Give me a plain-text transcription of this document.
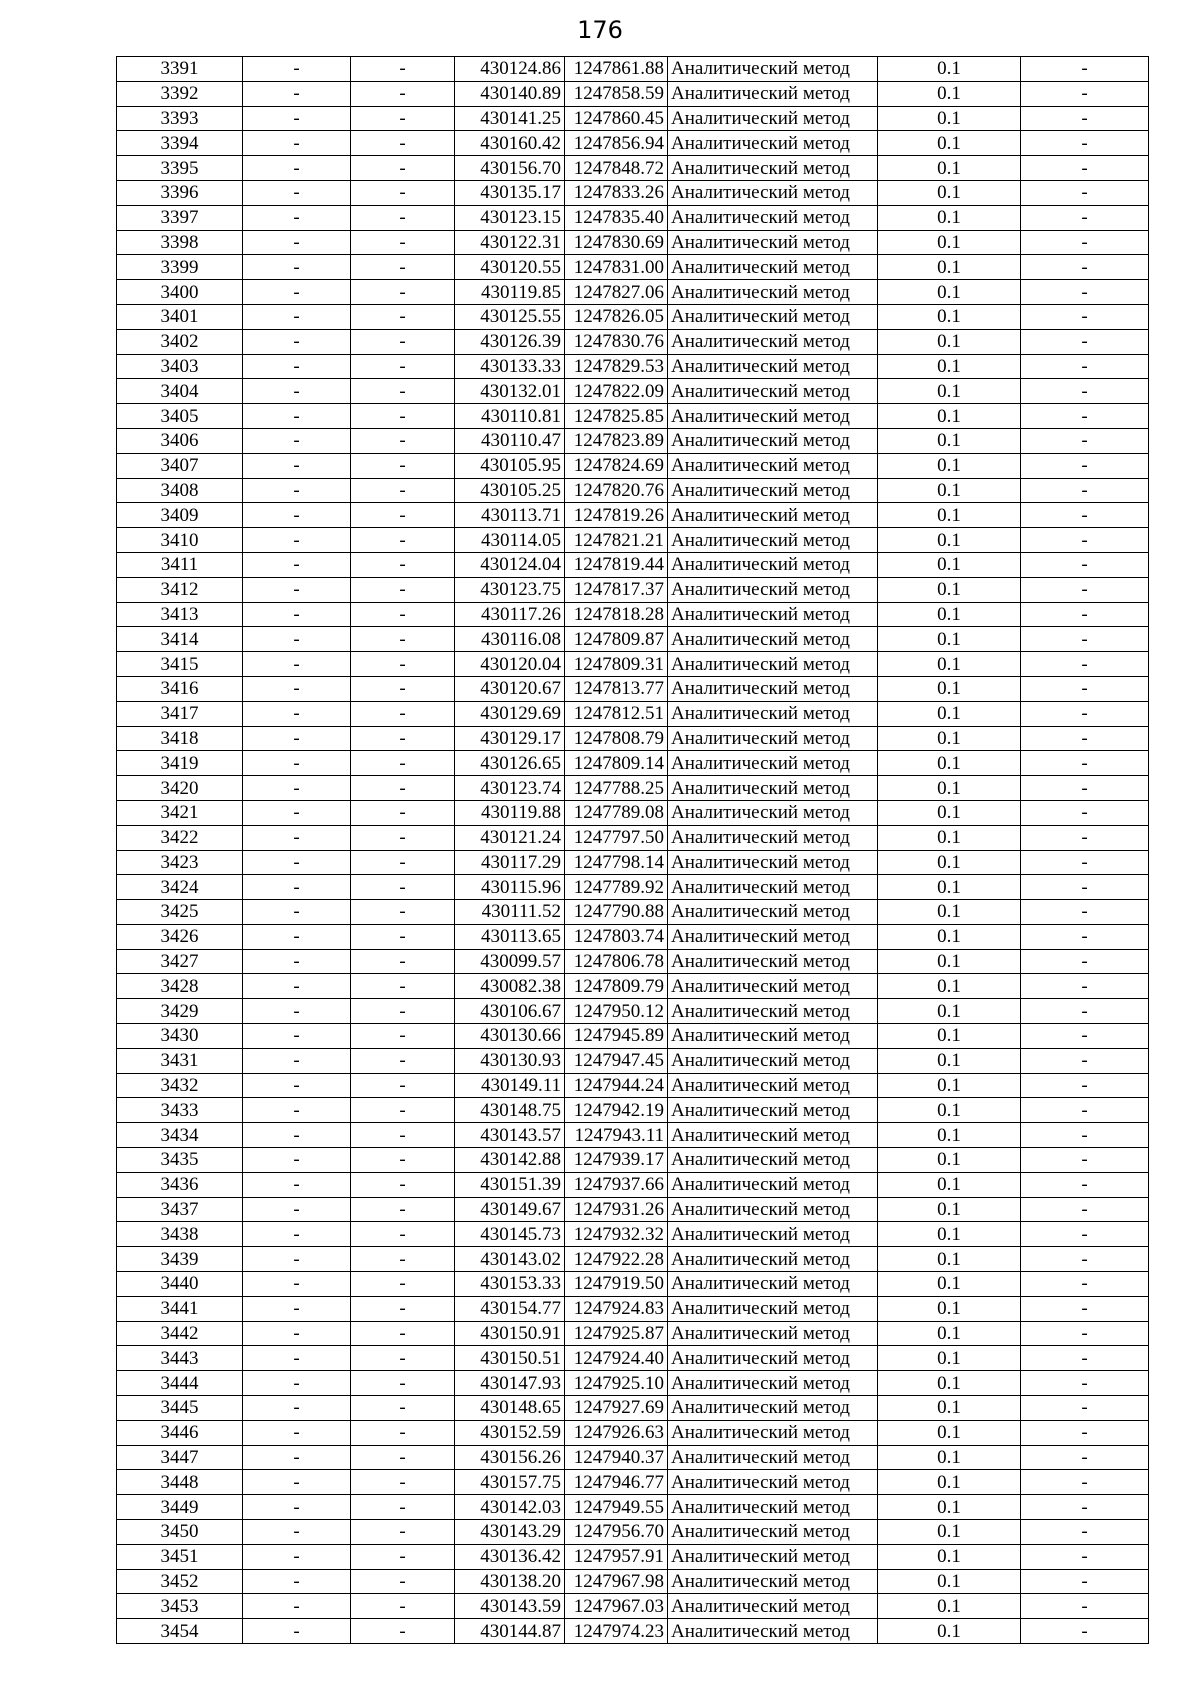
176
3391	-	-	430124.86	1247861.88	Аналитический метод	0.1	-
3392	-	-	430140.89	1247858.59	Аналитический метод	0.1	-
3393	-	-	430141.25	1247860.45	Аналитический метод	0.1	-
3394	-	-	430160.42	1247856.94	Аналитический метод	0.1	-
3395	-	-	430156.70	1247848.72	Аналитический метод	0.1	-
3396	-	-	430135.17	1247833.26	Аналитический метод	0.1	-
3397	-	-	430123.15	1247835.40	Аналитический метод	0.1	-
3398	-	-	430122.31	1247830.69	Аналитический метод	0.1	-
3399	-	-	430120.55	1247831.00	Аналитический метод	0.1	-
3400	-	-	430119.85	1247827.06	Аналитический метод	0.1	-
3401	-	-	430125.55	1247826.05	Аналитический метод	0.1	-
3402	-	-	430126.39	1247830.76	Аналитический метод	0.1	-
3403	-	-	430133.33	1247829.53	Аналитический метод	0.1	-
3404	-	-	430132.01	1247822.09	Аналитический метод	0.1	-
3405	-	-	430110.81	1247825.85	Аналитический метод	0.1	-
3406	-	-	430110.47	1247823.89	Аналитический метод	0.1	-
3407	-	-	430105.95	1247824.69	Аналитический метод	0.1	-
3408	-	-	430105.25	1247820.76	Аналитический метод	0.1	-
3409	-	-	430113.71	1247819.26	Аналитический метод	0.1	-
3410	-	-	430114.05	1247821.21	Аналитический метод	0.1	-
3411	-	-	430124.04	1247819.44	Аналитический метод	0.1	-
3412	-	-	430123.75	1247817.37	Аналитический метод	0.1	-
3413	-	-	430117.26	1247818.28	Аналитический метод	0.1	-
3414	-	-	430116.08	1247809.87	Аналитический метод	0.1	-
3415	-	-	430120.04	1247809.31	Аналитический метод	0.1	-
3416	-	-	430120.67	1247813.77	Аналитический метод	0.1	-
3417	-	-	430129.69	1247812.51	Аналитический метод	0.1	-
3418	-	-	430129.17	1247808.79	Аналитический метод	0.1	-
3419	-	-	430126.65	1247809.14	Аналитический метод	0.1	-
3420	-	-	430123.74	1247788.25	Аналитический метод	0.1	-
3421	-	-	430119.88	1247789.08	Аналитический метод	0.1	-
3422	-	-	430121.24	1247797.50	Аналитический метод	0.1	-
3423	-	-	430117.29	1247798.14	Аналитический метод	0.1	-
3424	-	-	430115.96	1247789.92	Аналитический метод	0.1	-
3425	-	-	430111.52	1247790.88	Аналитический метод	0.1	-
3426	-	-	430113.65	1247803.74	Аналитический метод	0.1	-
3427	-	-	430099.57	1247806.78	Аналитический метод	0.1	-
3428	-	-	430082.38	1247809.79	Аналитический метод	0.1	-
3429	-	-	430106.67	1247950.12	Аналитический метод	0.1	-
3430	-	-	430130.66	1247945.89	Аналитический метод	0.1	-
3431	-	-	430130.93	1247947.45	Аналитический метод	0.1	-
3432	-	-	430149.11	1247944.24	Аналитический метод	0.1	-
3433	-	-	430148.75	1247942.19	Аналитический метод	0.1	-
3434	-	-	430143.57	1247943.11	Аналитический метод	0.1	-
3435	-	-	430142.88	1247939.17	Аналитический метод	0.1	-
3436	-	-	430151.39	1247937.66	Аналитический метод	0.1	-
3437	-	-	430149.67	1247931.26	Аналитический метод	0.1	-
3438	-	-	430145.73	1247932.32	Аналитический метод	0.1	-
3439	-	-	430143.02	1247922.28	Аналитический метод	0.1	-
3440	-	-	430153.33	1247919.50	Аналитический метод	0.1	-
3441	-	-	430154.77	1247924.83	Аналитический метод	0.1	-
3442	-	-	430150.91	1247925.87	Аналитический метод	0.1	-
3443	-	-	430150.51	1247924.40	Аналитический метод	0.1	-
3444	-	-	430147.93	1247925.10	Аналитический метод	0.1	-
3445	-	-	430148.65	1247927.69	Аналитический метод	0.1	-
3446	-	-	430152.59	1247926.63	Аналитический метод	0.1	-
3447	-	-	430156.26	1247940.37	Аналитический метод	0.1	-
3448	-	-	430157.75	1247946.77	Аналитический метод	0.1	-
3449	-	-	430142.03	1247949.55	Аналитический метод	0.1	-
3450	-	-	430143.29	1247956.70	Аналитический метод	0.1	-
3451	-	-	430136.42	1247957.91	Аналитический метод	0.1	-
3452	-	-	430138.20	1247967.98	Аналитический метод	0.1	-
3453	-	-	430143.59	1247967.03	Аналитический метод	0.1	-
3454	-	-	430144.87	1247974.23	Аналитический метод	0.1	-
